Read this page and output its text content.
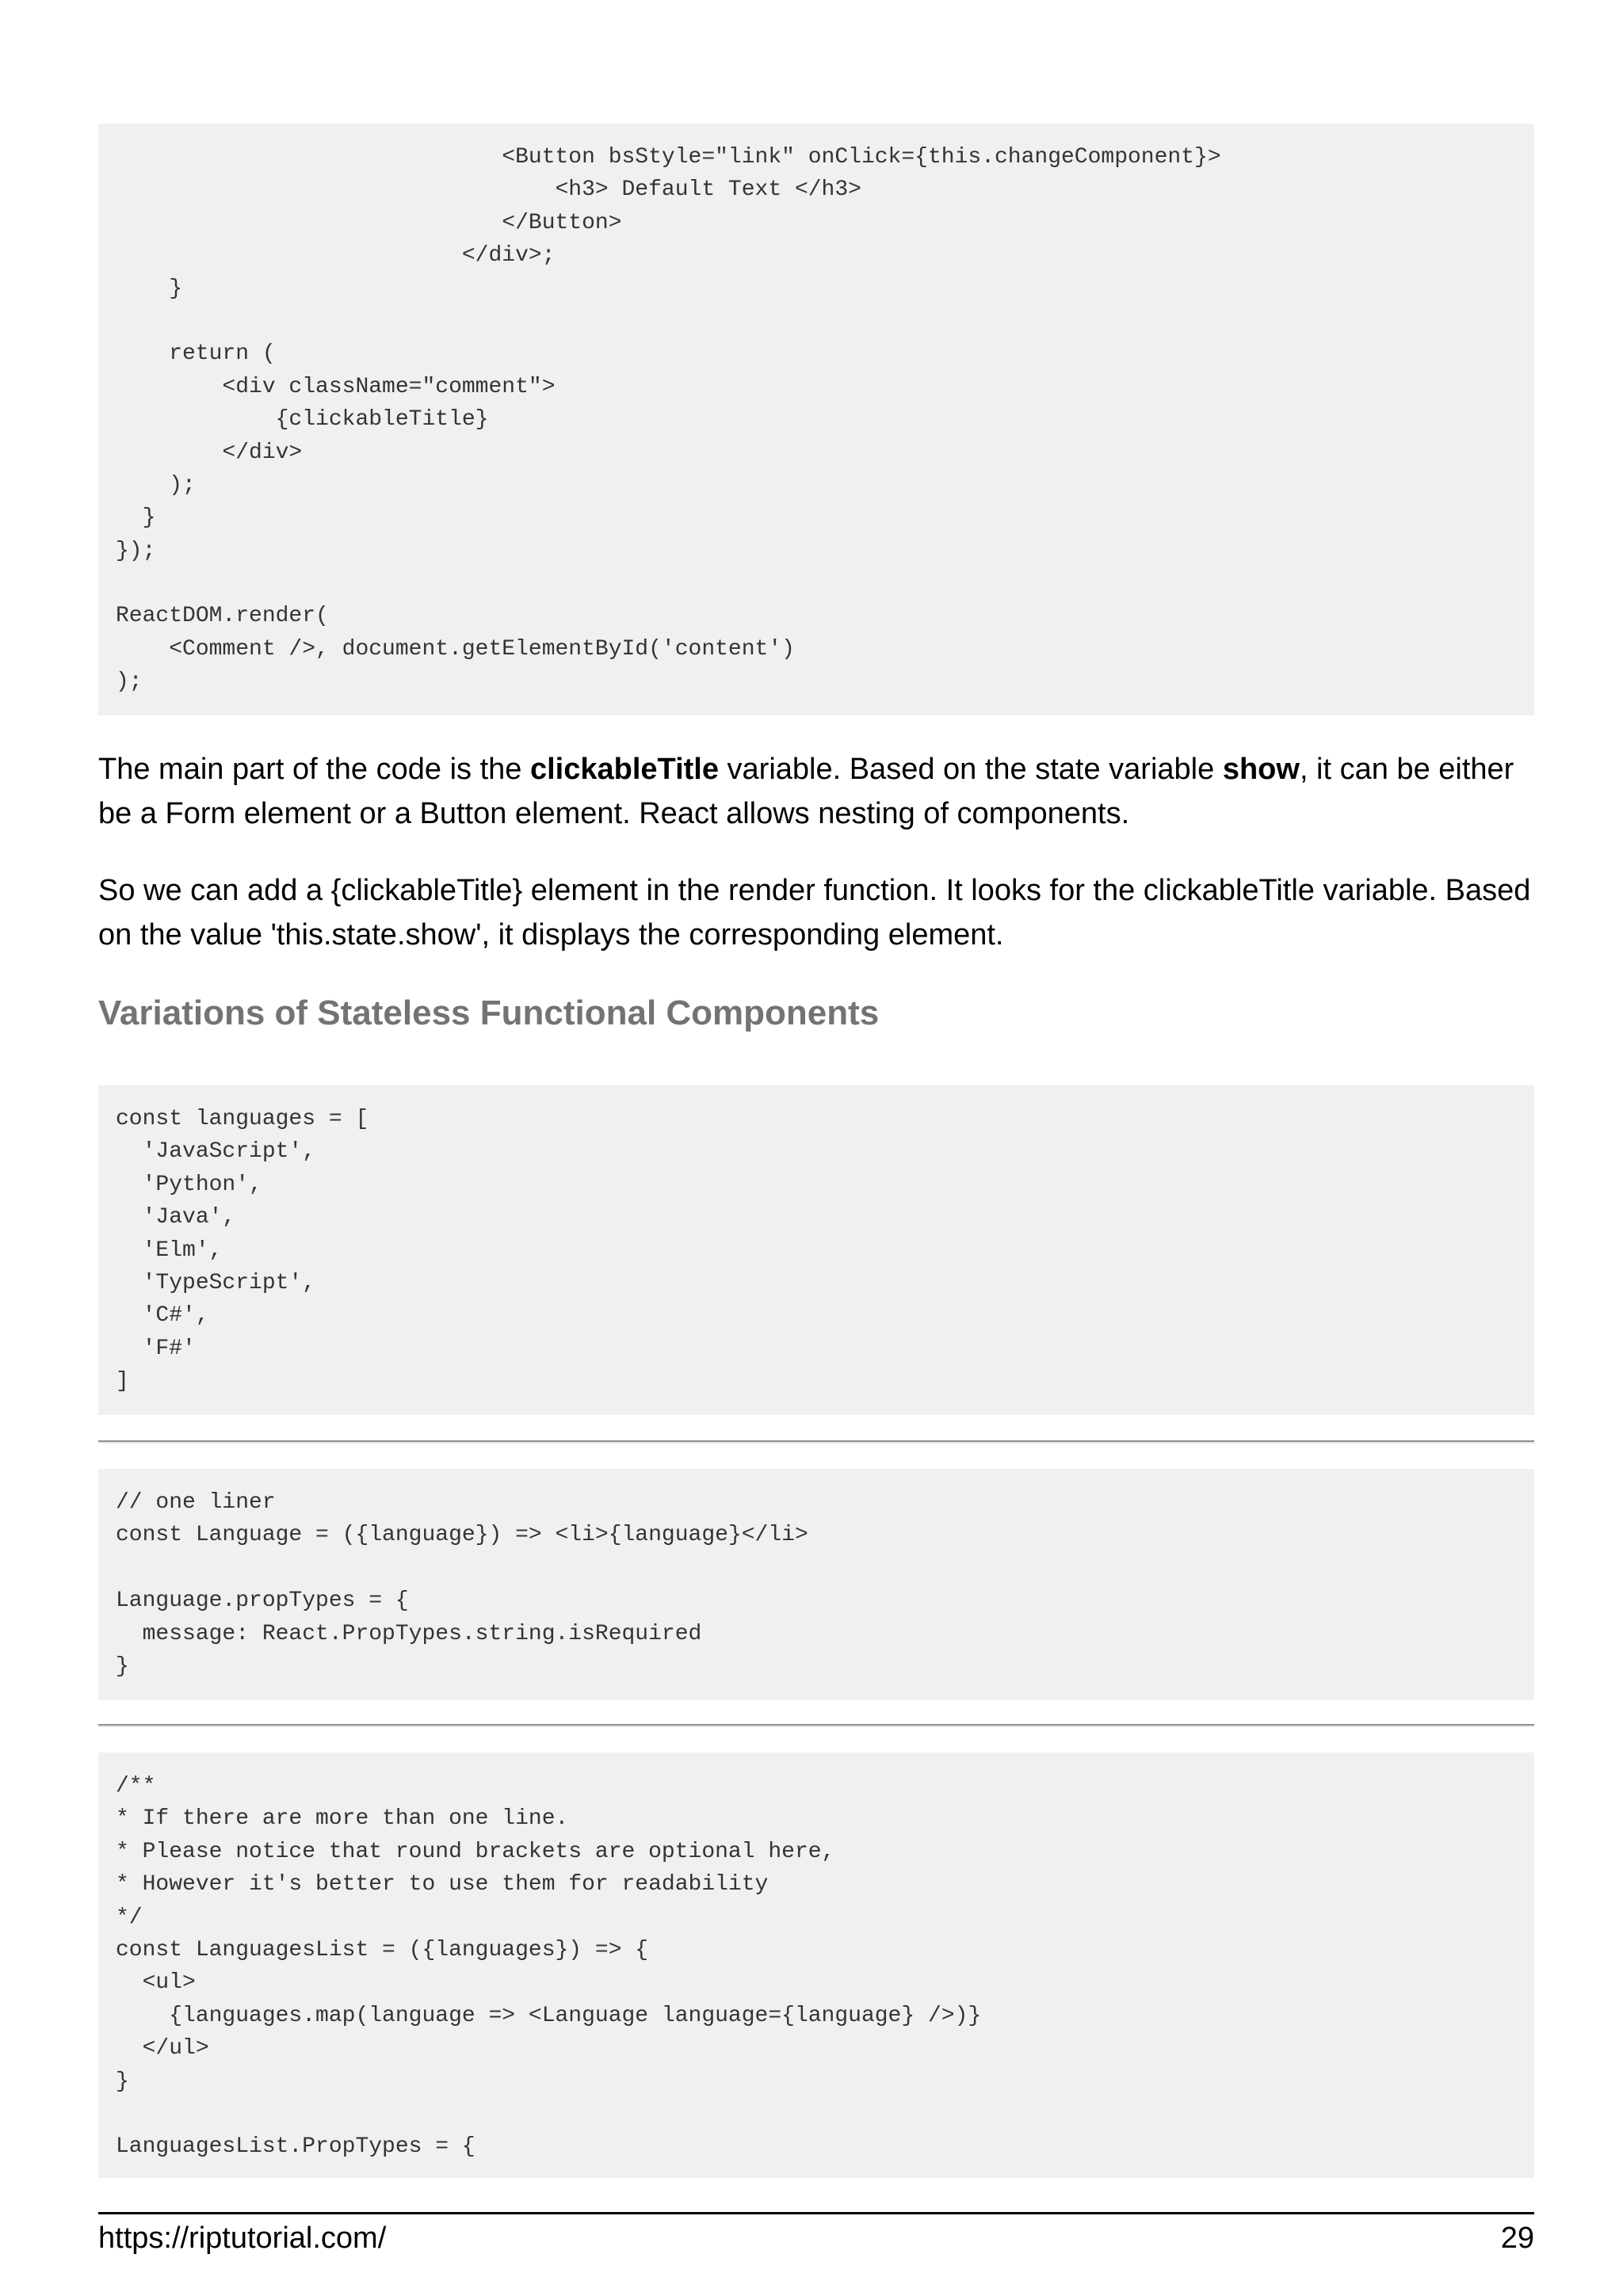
<Button bsStyle="link" onClick={this.changeComponent}>
<h3> Default Text </h3>
</Button>
</div>;
}
return (
<div className="comment">
{clickableTitle}
</div>
);
}
});
ReactDOM.render(
<Comment />, document.getElementById('content')
);

The main part of the code is the clickableTitle variable. Based on the state variable show, it can be either be a Form element or a Button element. React allows nesting of components.

So we can add a {clickableTitle} element in the render function. It looks for the clickableTitle variable. Based on the value 'this.state.show', it displays the corresponding element.

Variations of Stateless Functional Components
const languages = [
'JavaScript',
'Python',
'Java',
'Elm',
'TypeScript',
'C#',
'F#'
]
// one liner
const Language = ({language}) => <li>{language}</li>
Language.propTypes = {
message: React.PropTypes.string.isRequired
}
/**
* If there are more than one line.
* Please notice that round brackets are optional here,
* However it's better to use them for readability
*/
const LanguagesList = ({languages}) => {
<ul>
{languages.map(language => <Language language={language} />)}
</ul>
}
LanguagesList.PropTypes = {
https://riptutorial.com/	29
